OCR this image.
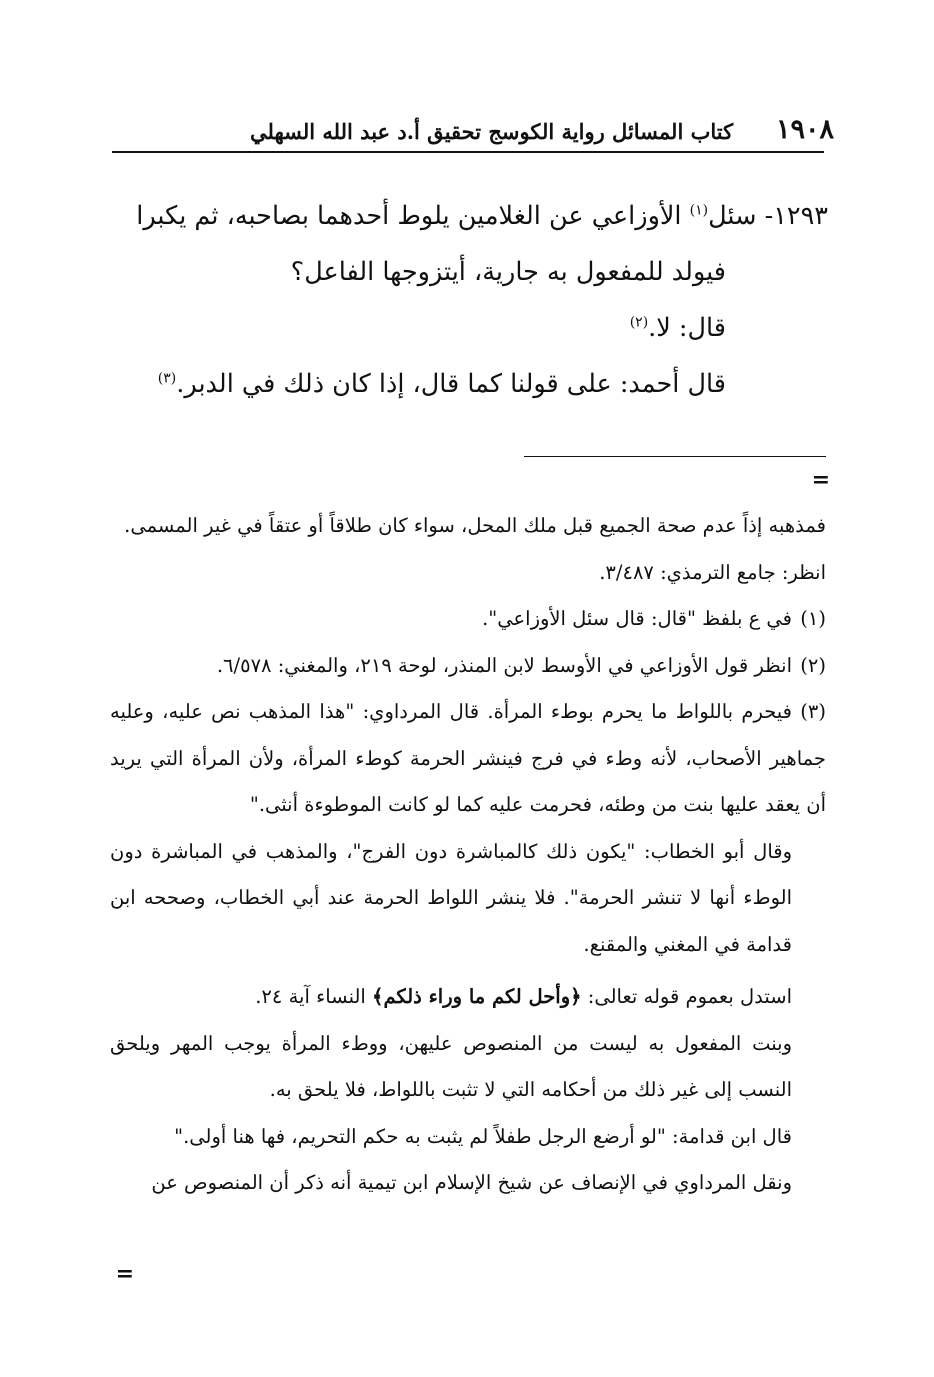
١٩٠٨
كتاب المسائل رواية الكوسج تحقيق أ.د عبد الله السهلي

١٢٩٣- سئل$^{(١)}$ الأوزاعي عن الغلامين يلوط أحدهما بصاحبه، ثم يكبرا

فيولد للمفعول به جارية، أيتزوجها الفاعل؟

قال: لا.$^{(٢)}$

قال أحمد: على قولنا كما قال، إذا كان ذلك في الدبر.$^{(٣)}$

=

فمذهبه إذاً عدم صحة الجميع قبل ملك المحل، سواء كان طلاقاً أو عتقاً في غير المسمى.

انظر: جامع الترمذي: ٣/٤٨٧.

(١)في ع بلفظ "قال: قال سئل الأوزاعي".

(٢)انظر قول الأوزاعي في الأوسط لابن المنذر، لوحة ٢١٩، والمغني: ٦/٥٧٨.

(٣)فيحرم باللواط ما يحرم بوطء المرأة. قال المرداوي: "هذا المذهب نص عليه، وعليه جماهير الأصحاب، لأنه وطء في فرج فينشر الحرمة كوطء المرأة، ولأن المرأة التي يريد أن يعقد عليها بنت من وطئه، فحرمت عليه كما لو كانت الموطوءة أنثى."

وقال أبو الخطاب: "يكون ذلك كالمباشرة دون الفرج"، والمذهب في المباشرة دون الوطء أنها لا تنشر الحرمة". فلا ينشر اللواط الحرمة عند أبي الخطاب، وصححه ابن قدامة في المغني والمقنع.

استدل بعموم قوله تعالى: ﴿وأحل لكم ما وراء ذلكم﴾ النساء آية ٢٤.

وبنت المفعول به ليست من المنصوص عليهن، ووطء المرأة يوجب المهر ويلحق النسب إلى غير ذلك من أحكامه التي لا تثبت باللواط، فلا يلحق به.

قال ابن قدامة: "لو أرضع الرجل طفلاً لم يثبت به حكم التحريم، فها هنا أولى."

ونقل المرداوي في الإنصاف عن شيخ الإسلام ابن تيمية أنه ذكر أن المنصوص عن

=
